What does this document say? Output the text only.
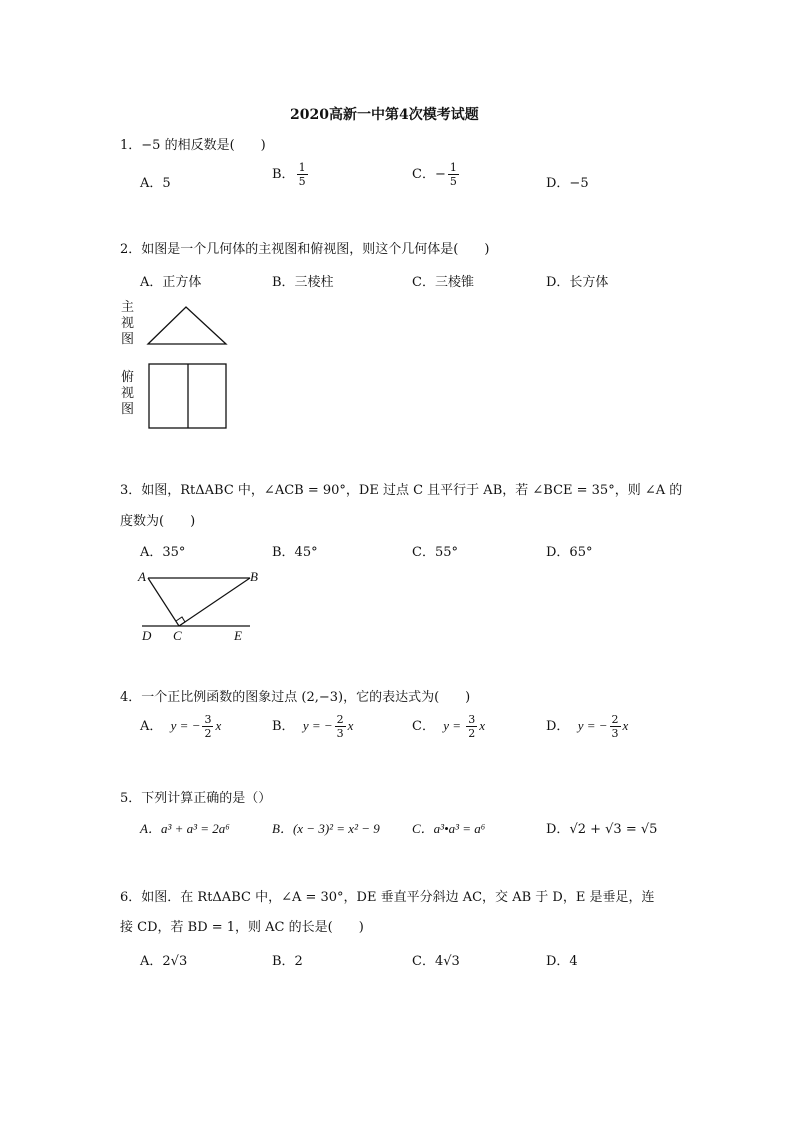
2020高新一中第4次模考试题
1．−5 的相反数是(　　)
A．5
B． $\frac{1}{5}$	C．− $\frac{1}{5}$	D．−5
2．如图是一个几何体的主视图和俯视图，则这个几何体是(　　)
A．正方体	B．三棱柱	C．三棱锥	D．长方体
主
视
图
俯
视
图
3．如图，RtΔABC 中，∠ACB = 90°，DE 过点 C 且平行于 AB，若 ∠BCE = 35°，则 ∠A 的
度数为(　　)
A．35°	B．45°	C．55°	D．65°
A	B
C
D	E
4．一个正比例函数的图象过点 (2,−3)，它的表达式为(　　)
A． y = − $\frac{3}{2}$ x	B． y = − $\frac{2}{3}$ x	C． $y = \frac{3}{2}$ x	D． y = − $\frac{2}{3}$ x
5．下列计算正确的是（）
A．a³ + a³ = 2a⁶	B．(x − 3)² = x² − 9 C．a³•a³ = a⁶	D．√2 + √3 = √5
6．如图．在 RtΔABC 中，∠A = 30°，DE 垂直平分斜边 AC，交 AB 于 D，E 是垂足，连
接 CD，若 BD = 1，则 AC 的长是(　　)
A．2√3	B．2	C．4√3	D．4
